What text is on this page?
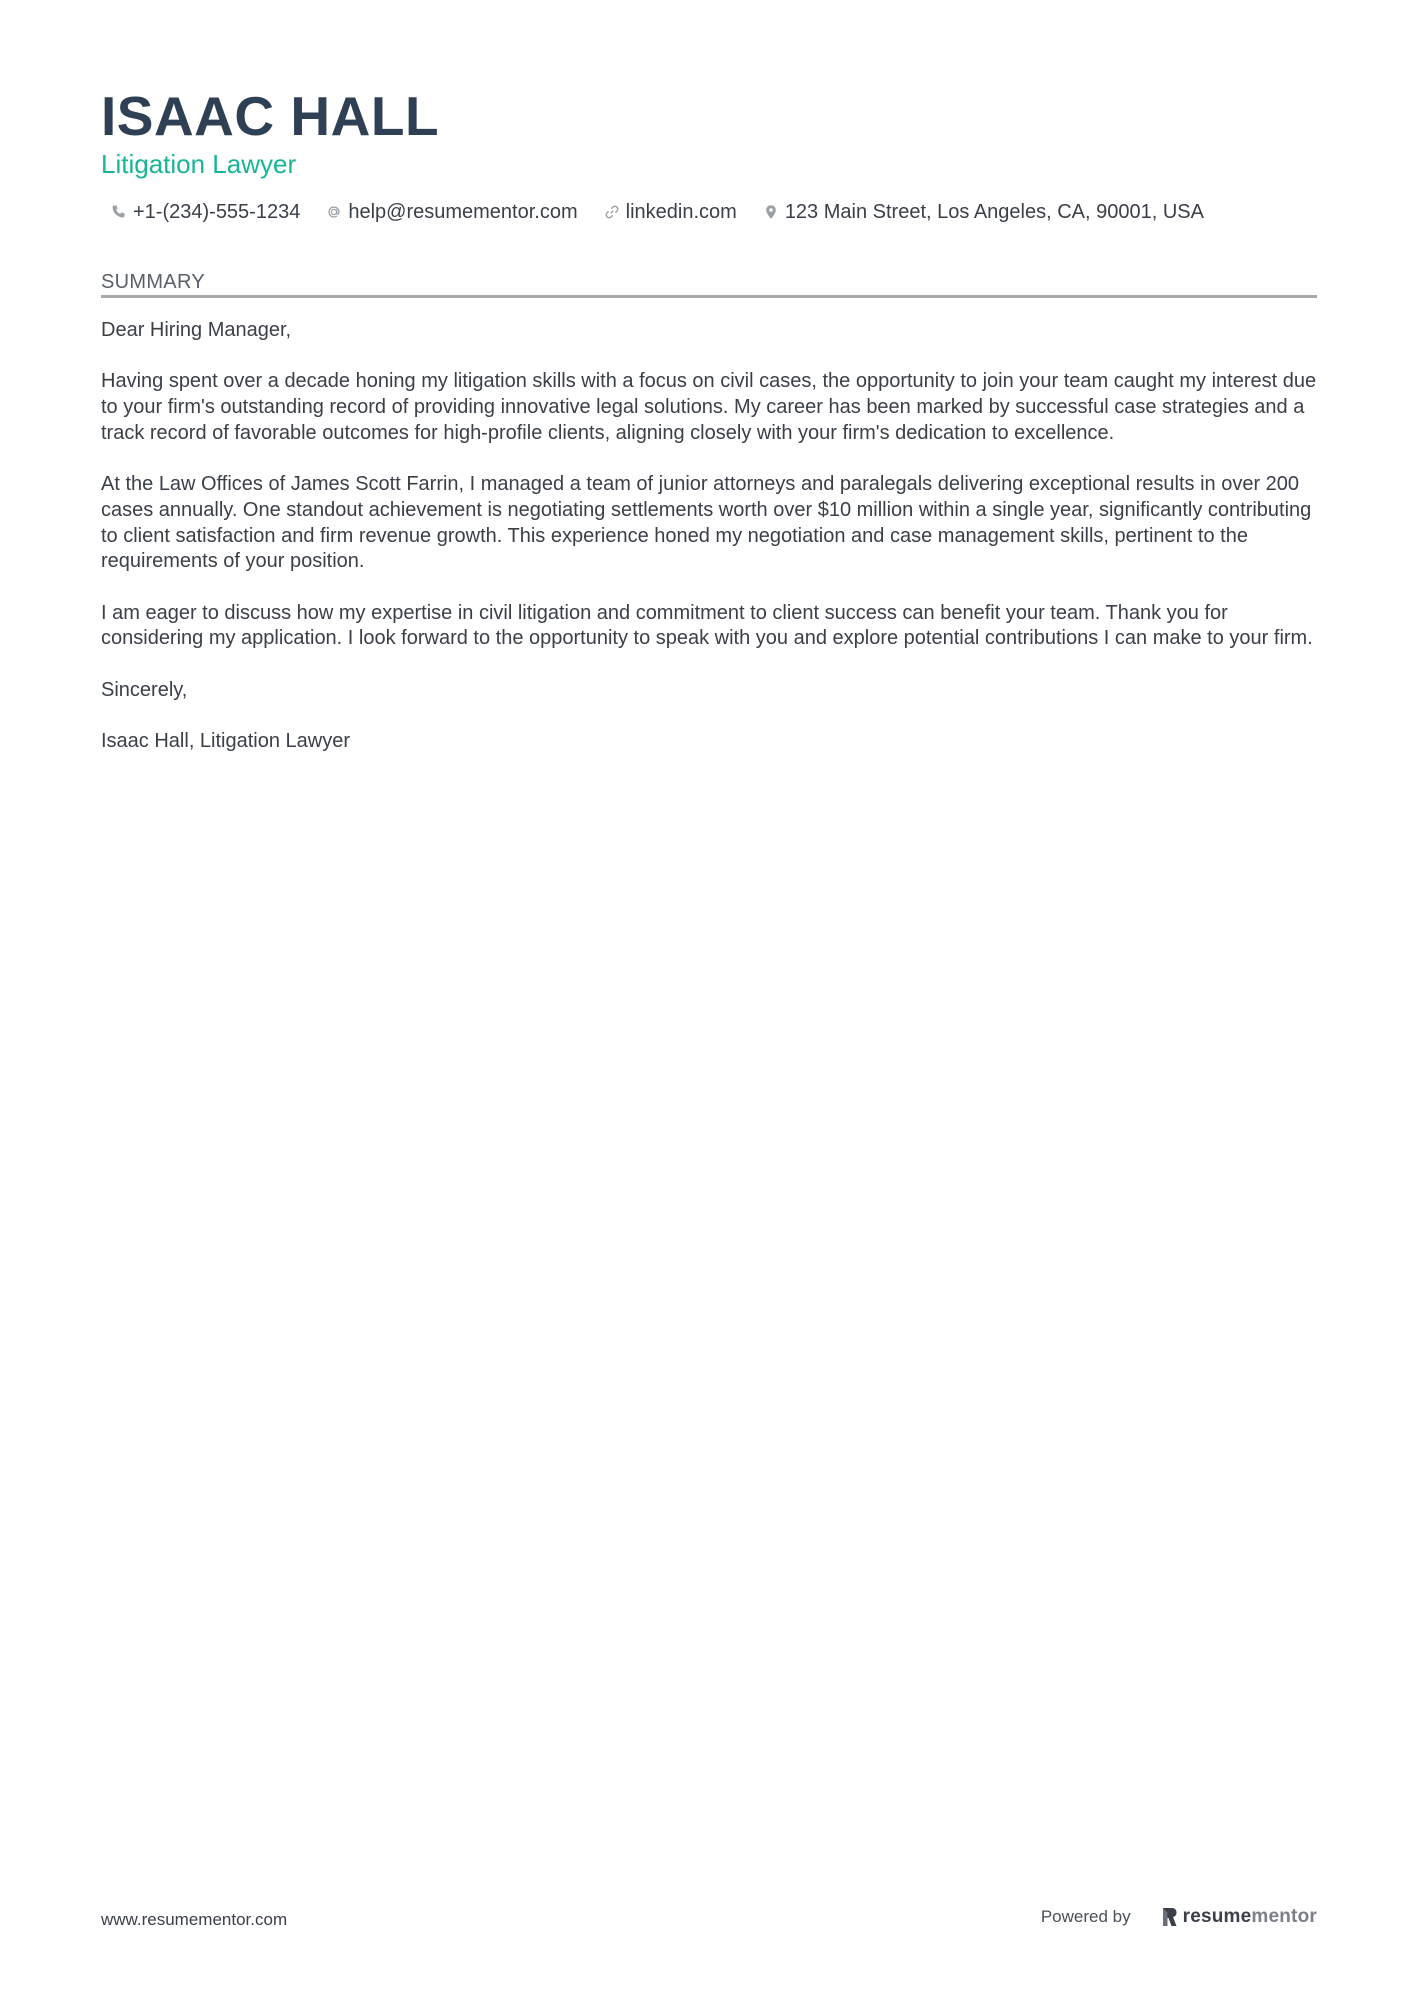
ISAAC HALL
Litigation Lawyer
+1-(234)-555-1234 help@resumementor.com linkedin.com 123 Main Street, Los Angeles, CA, 90001, USA
SUMMARY

Dear Hiring Manager,

Having spent over a decade honing my litigation skills with a focus on civil cases, the opportunity to join your team caught my interest due to your firm's outstanding record of providing innovative legal solutions. My career has been marked by successful case strategies and a track record of favorable outcomes for high-profile clients, aligning closely with your firm's dedication to excellence.

At the Law Offices of James Scott Farrin, I managed a team of junior attorneys and paralegals delivering exceptional results in over 200 cases annually. One standout achievement is negotiating settlements worth over $10 million within a single year, significantly contributing to client satisfaction and firm revenue growth. This experience honed my negotiation and case management skills, pertinent to the requirements of your position.

I am eager to discuss how my expertise in civil litigation and commitment to client success can benefit your team. Thank you for considering my application. I look forward to the opportunity to speak with you and explore potential contributions I can make to your firm.

Sincerely,

Isaac Hall, Litigation Lawyer

www.resumementor.com	Powered by	resumementor
